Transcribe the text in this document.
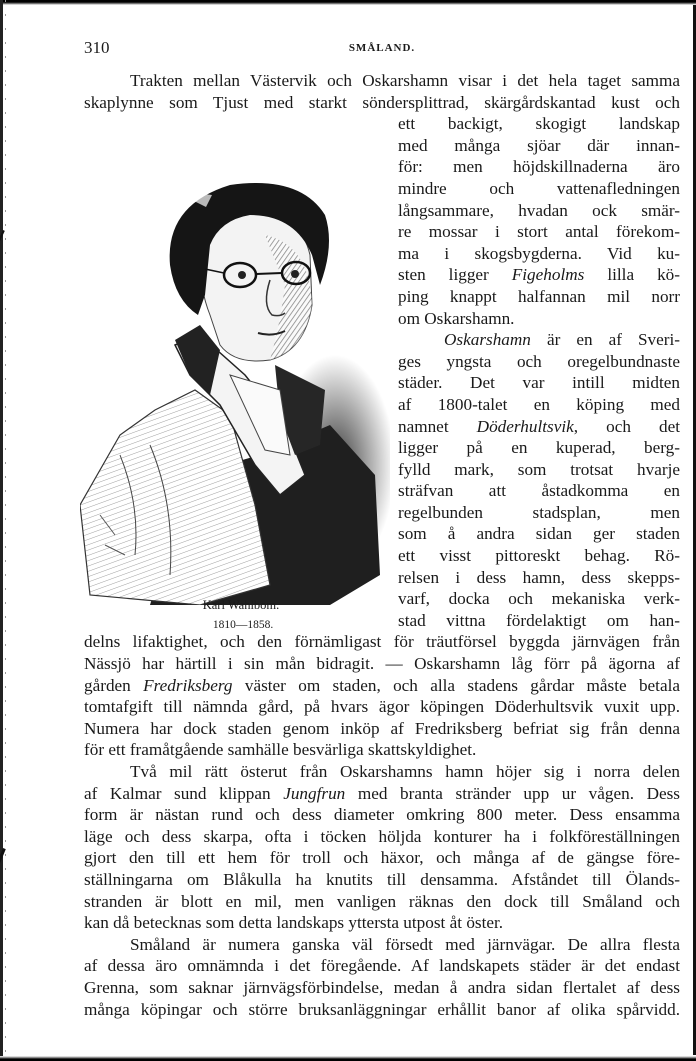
310	SMÅLAND.
Trakten mellan Västervik och Oskarshamn visar i det hela taget samma
skaplynne som Tjust med starkt söndersplittrad, skärgårdskantad kust och
Karl Wahlbom.
1810—1858.
ett backigt, skogigt landskap
med många sjöar där innan-
för: men höjdskillnaderna äro
mindre och vattenafledningen
långsammare, hvadan ock smär-
re mossar i stort antal förekom-
ma i skogsbygderna. Vid ku-
sten ligger Figeholms lilla kö-
ping knappt halfannan mil norr
om Oskarshamn.
Oskarshamn är en af Sveri-
ges yngsta och oregelbundnaste
städer. Det var intill midten
af 1800-talet en köping med
namnet Döderhultsvik, och det
ligger på en kuperad, berg-
fylld mark, som trotsat hvarje
sträfvan att åstadkomma en
regelbunden stadsplan, men
som å andra sidan ger staden
ett visst pittoreskt behag. Rö-
relsen i dess hamn, dess skepps-
varf, docka och mekaniska verk-
stad vittna fördelaktigt om han-
delns lifaktighet, och den förnämligast för träutförsel byggda järnvägen från
Nässjö har härtill i sin mån bidragit. — Oskarshamn låg förr på ägorna af
gården Fredriksberg väster om staden, och alla stadens gårdar måste betala
tomtafgift till nämnda gård, på hvars ägor köpingen Döderhultsvik vuxit upp.
Numera har dock staden genom inköp af Fredriksberg befriat sig från denna
för ett framåtgående samhälle besvärliga skattskyldighet.
Två mil rätt österut från Oskarshamns hamn höjer sig i norra delen
af Kalmar sund klippan Jungfrun med branta stränder upp ur vågen. Dess
form är nästan rund och dess diameter omkring 800 meter. Dess ensamma
läge och dess skarpa, ofta i töcken höljda konturer ha i folkföreställningen
gjort den till ett hem för troll och häxor, och många af de gängse före-
ställningarna om Blåkulla ha knutits till densamma. Afståndet till Ölands-
stranden är blott en mil, men vanligen räknas den dock till Småland och
kan då betecknas som detta landskaps yttersta utpost åt öster.
Småland är numera ganska väl försedt med järnvägar. De allra flesta
af dessa äro omnämnda i det föregående. Af landskapets städer är det endast
Grenna, som saknar järnvägsförbindelse, medan å andra sidan flertalet af dess
många köpingar och större bruksanläggningar erhållit banor af olika spårvidd.
